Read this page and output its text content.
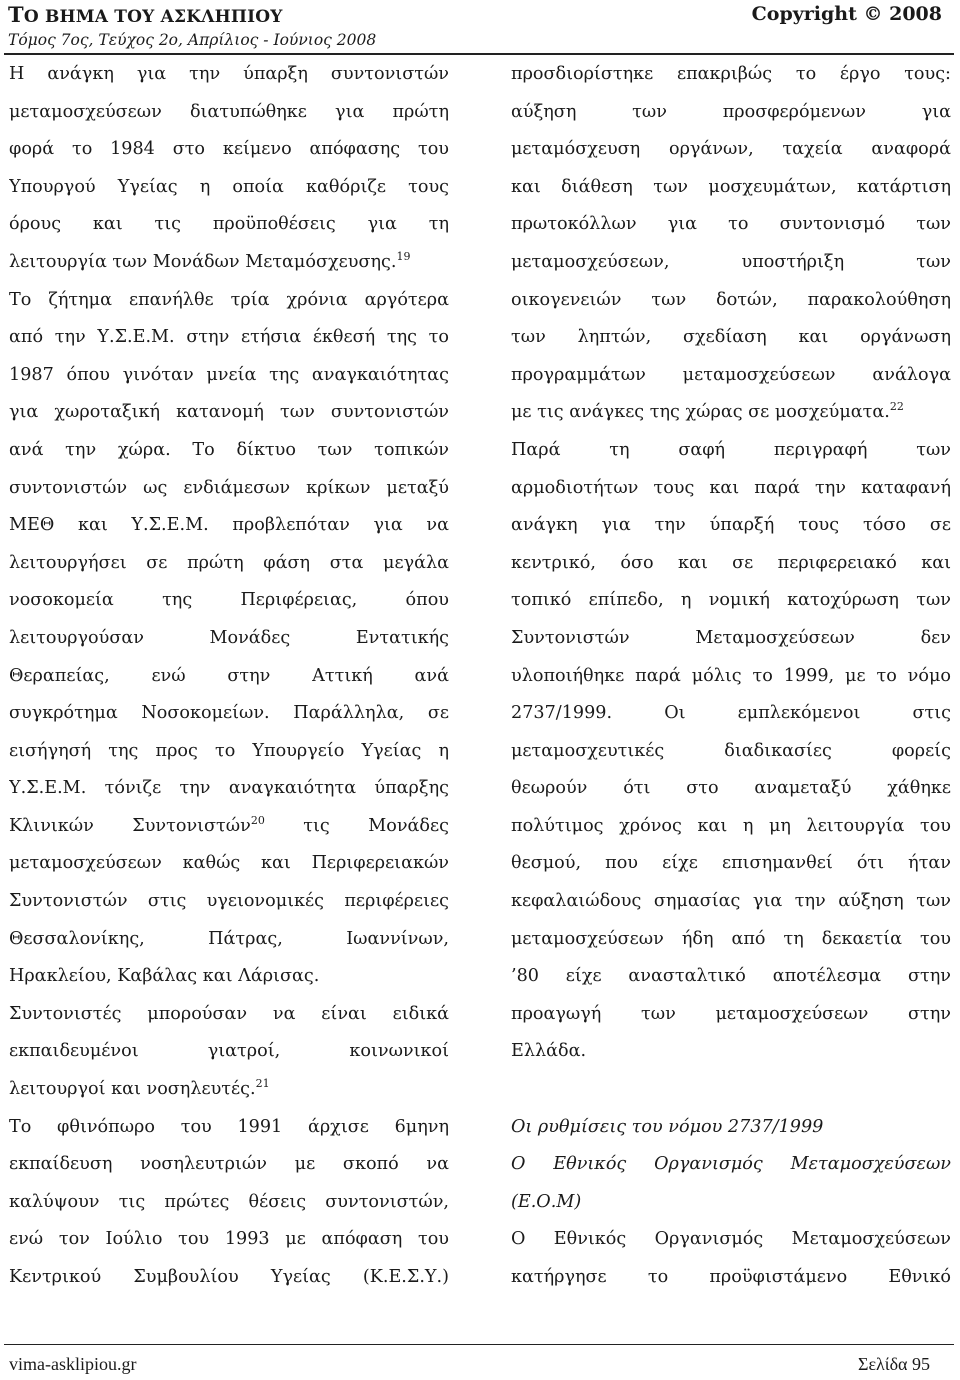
ΤΟ ΒΗΜΑ ΤΟΥ ΑΣΚΛΗΠΙΟΥ	Copyright © 2008
Τόμος 7ος, Τεύχος 2ο, Απρίλιος - Ιούνιος 2008
Η ανάγκη για την ύπαρξη συντονιστών
μεταμοσχεύσεων διατυπώθηκε για πρώτη
φορά το 1984 στο κείμενο απόφασης του
Υπουργού Υγείας η οποία καθόριζε τους
όρους και τις προϋποθέσεις για τη
λειτουργία των Μονάδων Μεταμόσχευσης.$^{19}$
Το ζήτημα επανήλθε τρία χρόνια αργότερα
από την Υ.Σ.Ε.Μ. στην ετήσια έκθεσή της το
1987 όπου γινόταν μνεία της αναγκαιότητας
για χωροταξική κατανομή των συντονιστών
ανά την χώρα. Το δίκτυο των τοπικών
συντονιστών ως ενδιάμεσων κρίκων μεταξύ
ΜΕΘ και Υ.Σ.Ε.Μ. προβλεπόταν για να
λειτουργήσει σε πρώτη φάση στα μεγάλα
νοσοκομεία της Περιφέρειας, όπου
λειτουργούσαν Μονάδες Εντατικής
Θεραπείας, ενώ στην Αττική ανά
συγκρότημα Νοσοκομείων. Παράλληλα, σε
εισήγησή της προς το Υπουργείο Υγείας η
Υ.Σ.Ε.Μ. τόνιζε την αναγκαιότητα ύπαρξης
Κλινικών Συντονιστών$^{20}$ τις Μονάδες
μεταμοσχεύσεων καθώς και Περιφερειακών
Συντονιστών στις υγειονομικές περιφέρειες
Θεσσαλονίκης, Πάτρας, Ιωαννίνων,
Ηρακλείου, Καβάλας και Λάρισας.
Συντονιστές μπορούσαν να είναι ειδικά
εκπαιδευμένοι γιατροί, κοινωνικοί
λειτουργοί και νοσηλευτές.$^{21}$
Το φθινόπωρο του 1991 άρχισε 6μηνη
εκπαίδευση νοσηλευτριών με σκοπό να
καλύψουν τις πρώτες θέσεις συντονιστών,
ενώ τον Ιούλιο του 1993 με απόφαση του
Κεντρικού Συμβουλίου Υγείας (Κ.Ε.Σ.Υ.)
προσδιορίστηκε επακριβώς το έργο τους:
αύξηση των προσφερόμενων για
μεταμόσχευση οργάνων, ταχεία αναφορά
και διάθεση των μοσχευμάτων, κατάρτιση
πρωτοκόλλων για το συντονισμό των
μεταμοσχεύσεων, υποστήριξη των
οικογενειών των δοτών, παρακολούθηση
των ληπτών, σχεδίαση και οργάνωση
προγραμμάτων μεταμοσχεύσεων ανάλογα
με τις ανάγκες της χώρας σε μοσχεύματα.$^{22}$
Παρά τη σαφή περιγραφή των
αρμοδιοτήτων τους και παρά την καταφανή
ανάγκη για την ύπαρξή τους τόσο σε
κεντρικό, όσο και σε περιφερειακό και
τοπικό επίπεδο, η νομική κατοχύρωση των
Συντονιστών Μεταμοσχεύσεων δεν
υλοποιήθηκε παρά μόλις το 1999, με το νόμο
2737/1999. Οι εμπλεκόμενοι στις
μεταμοσχευτικές διαδικασίες φορείς
θεωρούν ότι στο αναμεταξύ χάθηκε
πολύτιμος χρόνος και η μη λειτουργία του
θεσμού, που είχε επισημανθεί ότι ήταν
κεφαλαιώδους σημασίας για την αύξηση των
μεταμοσχεύσεων ήδη από τη δεκαετία του
’80 είχε ανασταλτικό αποτέλεσμα στην
προαγωγή των μεταμοσχεύσεων στην
Ελλάδα.
Οι ρυθμίσεις του νόμου 2737/1999
Ο Εθνικός Οργανισμός Μεταμοσχεύσεων
(Ε.Ο.Μ)
Ο Εθνικός Οργανισμός Μεταμοσχεύσεων
κατήργησε το προϋφιστάμενο Εθνικό
vima-asklipiou.gr	Σελίδα 95
